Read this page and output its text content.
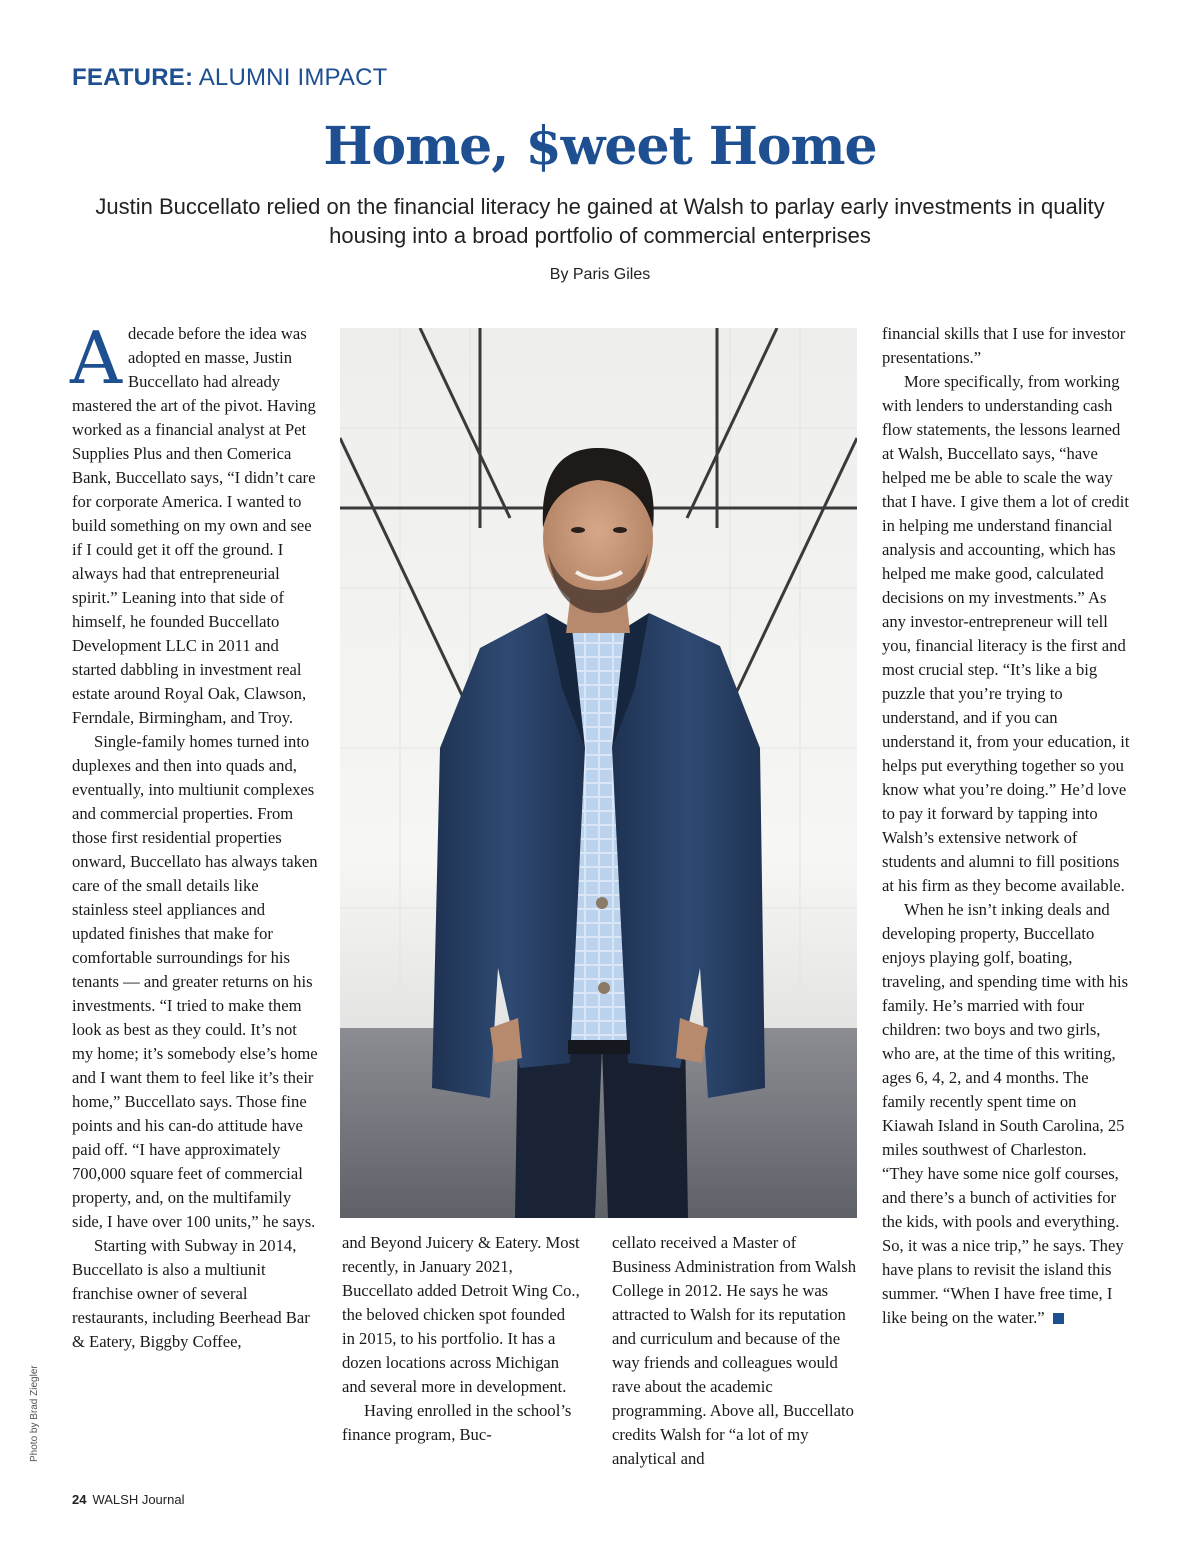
FEATURE: ALUMNI IMPACT
Home, $weet Home
Justin Buccellato relied on the financial literacy he gained at Walsh to parlay early investments in quality housing into a broad portfolio of commercial enterprises
By Paris Giles
A decade before the idea was adopted en masse, Justin Buccellato had already mastered the art of the pivot. Having worked as a financial analyst at Pet Supplies Plus and then Comerica Bank, Buccellato says, “I didn’t care for corporate America. I wanted to build something on my own and see if I could get it off the ground. I always had that entrepreneurial spirit.” Leaning into that side of himself, he founded Buccellato Development LLC in 2011 and started dabbling in investment real estate around Royal Oak, Clawson, Ferndale, Birmingham, and Troy.

Single-family homes turned into duplexes and then into quads and, eventually, into multiunit complexes and commercial properties. From those first residential properties onward, Buccellato has always taken care of the small details like stainless steel appliances and updated finishes that make for comfortable surroundings for his tenants — and greater returns on his investments. “I tried to make them look as best as they could. It’s not my home; it’s somebody else’s home and I want them to feel like it’s their home,” Buccellato says. Those fine points and his can-do attitude have paid off. “I have approximately 700,000 square feet of commercial property, and, on the multifamily side, I have over 100 units,” he says.

Starting with Subway in 2014, Buccellato is also a multiunit franchise owner of several restaurants, including Beerhead Bar & Eatery, Biggby Coffee,

and Beyond Juicery & Eatery. Most recently, in January 2021, Buccellato added Detroit Wing Co., the beloved chicken spot founded in 2015, to his portfolio. It has a dozen locations across Michigan and several more in development.

Having enrolled in the school’s finance program, Buc-

cellato received a Master of Business Administration from Walsh College in 2012. He says he was attracted to Walsh for its reputation and curriculum and because of the way friends and colleagues would rave about the academic programming. Above all, Buccellato credits Walsh for “a lot of my analytical and

financial skills that I use for investor presentations.”

More specifically, from working with lenders to understanding cash flow statements, the lessons learned at Walsh, Buccellato says, “have helped me be able to scale the way that I have. I give them a lot of credit in helping me understand financial analysis and accounting, which has helped me make good, calculated decisions on my investments.” As any investor-entrepreneur will tell you, financial literacy is the first and most crucial step. “It’s like a big puzzle that you’re trying to understand, and if you can understand it, from your education, it helps put everything together so you know what you’re doing.” He’d love to pay it forward by tapping into Walsh’s extensive network of students and alumni to fill positions at his firm as they become available.

When he isn’t inking deals and developing property, Buccellato enjoys playing golf, boating, traveling, and spending time with his family. He’s married with four children: two boys and two girls, who are, at the time of this writing, ages 6, 4, 2, and 4 months. The family recently spent time on Kiawah Island in South Carolina, 25 miles southwest of Charleston. “They have some nice golf courses, and there’s a bunch of activities for the kids, with pools and everything. So, it was a nice trip,” he says. They have plans to revisit the island this summer. “When I have free time, I like being on the water.”

Photo by Brad Ziegler
24 WALSH Journal
